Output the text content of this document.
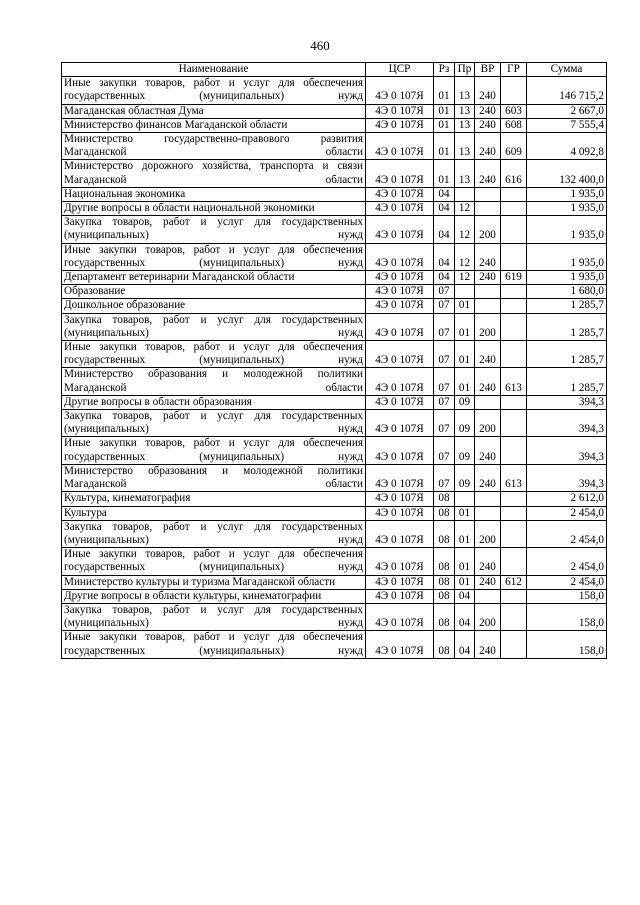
460
Наименование	ЦСР	Рз	Пр	ВР	ГР	Сумма
Иные закупки товаров, работ и услуг для обеспечения государственных (муниципальных) нужд	4Э 0 107Я	01	13	240		146 715,2
Магаданская областная Дума	4Э 0 107Я	01	13	240	603	2 667,0
Министерство финансов Магаданской области	4Э 0 107Я	01	13	240	608	7 555,4
Министерство государственно-правового развития Магаданской области	4Э 0 107Я	01	13	240	609	4 092,8
Министерство дорожного хозяйства, транспорта и связи Магаданской области	4Э 0 107Я	01	13	240	616	132 400,0
Национальная экономика	4Э 0 107Я	04				1 935,0
Другие вопросы в области национальной экономики	4Э 0 107Я	04	12			1 935,0
Закупка товаров, работ и услуг для государственных (муниципальных) нужд	4Э 0 107Я	04	12	200		1 935,0
Иные закупки товаров, работ и услуг для обеспечения государственных (муниципальных) нужд	4Э 0 107Я	04	12	240		1 935,0
Департамент ветеринарии Магаданской области	4Э 0 107Я	04	12	240	619	1 935,0
Образование	4Э 0 107Я	07				1 680,0
Дошкольное образование	4Э 0 107Я	07	01			1 285,7
Закупка товаров, работ и услуг для государственных (муниципальных) нужд	4Э 0 107Я	07	01	200		1 285,7
Иные закупки товаров, работ и услуг для обеспечения государственных (муниципальных) нужд	4Э 0 107Я	07	01	240		1 285,7
Министерство образования и молодежной политики Магаданской области	4Э 0 107Я	07	01	240	613	1 285,7
Другие вопросы в области образования	4Э 0 107Я	07	09			394,3
Закупка товаров, работ и услуг для государственных (муниципальных) нужд	4Э 0 107Я	07	09	200		394,3
Иные закупки товаров, работ и услуг для обеспечения государственных (муниципальных) нужд	4Э 0 107Я	07	09	240		394,3
Министерство образования и молодежной политики Магаданской области	4Э 0 107Я	07	09	240	613	394,3
Культура, кинематография	4Э 0 107Я	08				2 612,0
Культура	4Э 0 107Я	08	01			2 454,0
Закупка товаров, работ и услуг для государственных (муниципальных) нужд	4Э 0 107Я	08	01	200		2 454,0
Иные закупки товаров, работ и услуг для обеспечения государственных (муниципальных) нужд	4Э 0 107Я	08	01	240		2 454,0
Министерство культуры и туризма Магаданской области	4Э 0 107Я	08	01	240	612	2 454,0
Другие вопросы в области культуры, кинематографии	4Э 0 107Я	08	04			158,0
Закупка товаров, работ и услуг для государственных (муниципальных) нужд	4Э 0 107Я	08	04	200		158,0
Иные закупки товаров, работ и услуг для обеспечения государственных (муниципальных) нужд	4Э 0 107Я	08	04	240		158,0
